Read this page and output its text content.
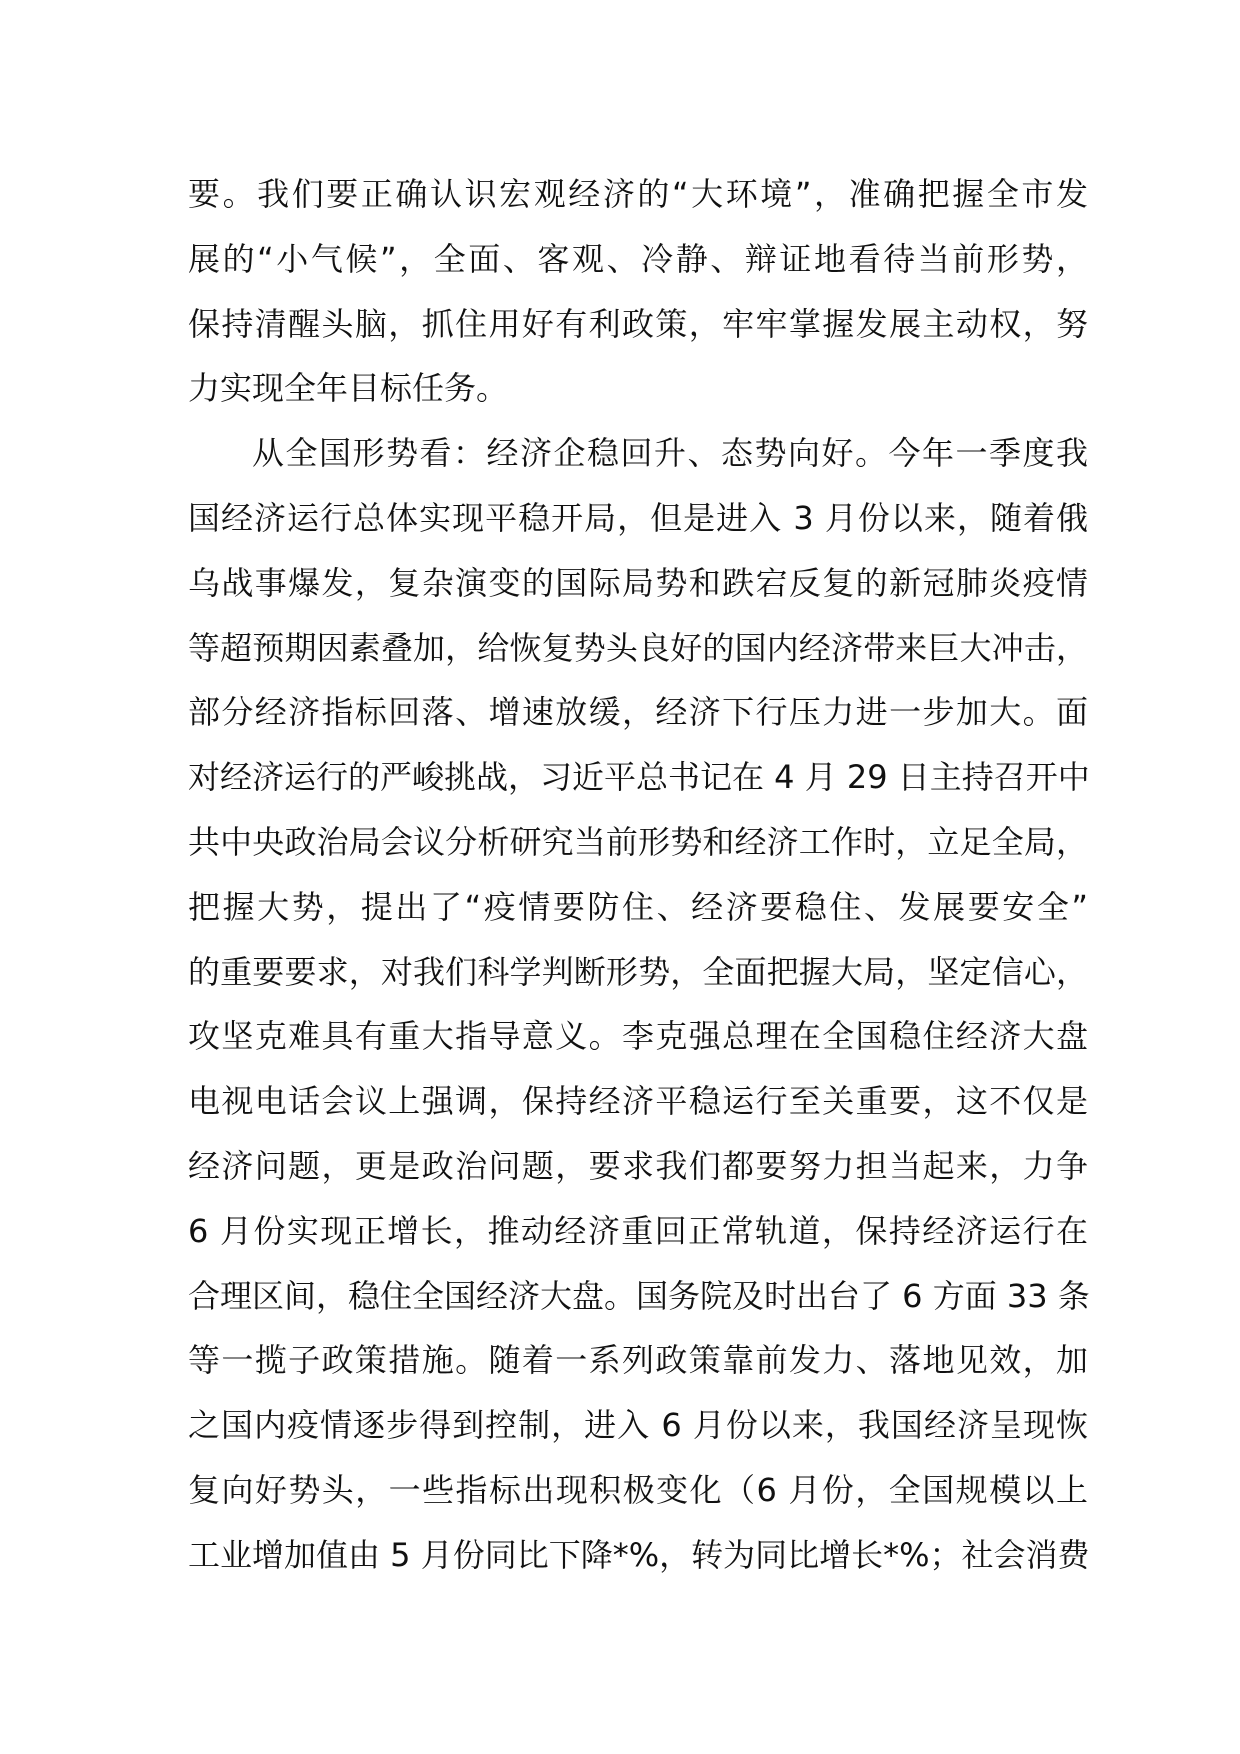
要。我们要正确认识宏观经济的“大环境”，准确把握全市发
展的“小气候”，全面、客观、冷静、辩证地看待当前形势，
保持清醒头脑，抓住用好有利政策，牢牢掌握发展主动权，努
力实现全年目标任务。
从全国形势看：经济企稳回升、态势向好。今年一季度我
国经济运行总体实现平稳开局，但是进入 3 月份以来，随着俄
乌战事爆发，复杂演变的国际局势和跌宕反复的新冠肺炎疫情
等超预期因素叠加，给恢复势头良好的国内经济带来巨大冲击，
部分经济指标回落、增速放缓，经济下行压力进一步加大。面
对经济运行的严峻挑战，习近平总书记在 4 月 29 日主持召开中
共中央政治局会议分析研究当前形势和经济工作时，立足全局，
把握大势，提出了“疫情要防住、经济要稳住、发展要安全”
的重要要求，对我们科学判断形势，全面把握大局，坚定信心，
攻坚克难具有重大指导意义。李克强总理在全国稳住经济大盘
电视电话会议上强调，保持经济平稳运行至关重要，这不仅是
经济问题，更是政治问题，要求我们都要努力担当起来，力争
6 月份实现正增长，推动经济重回正常轨道，保持经济运行在
合理区间，稳住全国经济大盘。国务院及时出台了 6 方面 33 条
等一揽子政策措施。随着一系列政策靠前发力、落地见效，加
之国内疫情逐步得到控制，进入 6 月份以来，我国经济呈现恢
复向好势头，一些指标出现积极变化（6 月份，全国规模以上
工业增加值由 5 月份同比下降*%，转为同比增长*%；社会消费
